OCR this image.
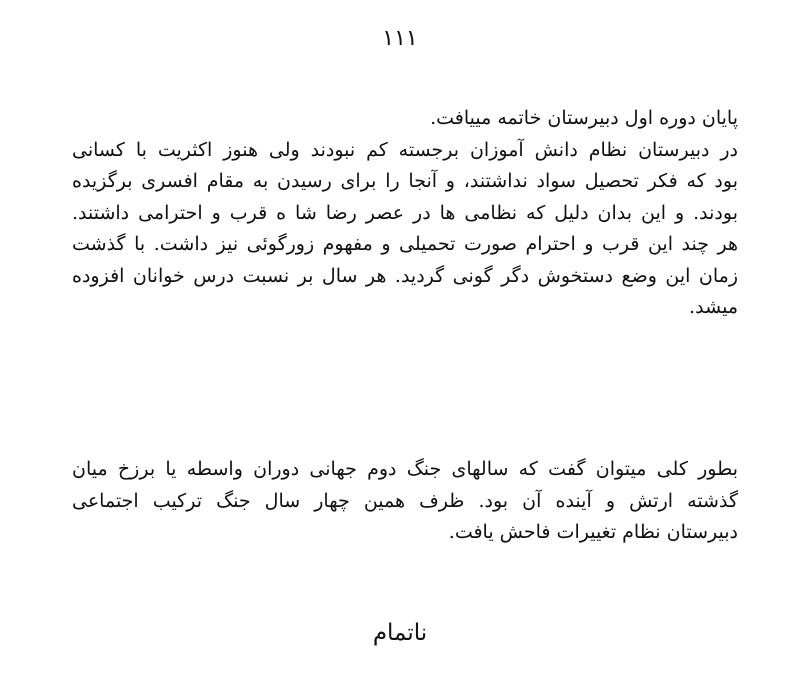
۱۱۱
پایان دوره اول دبیرستان خاتمه مییافت.
در دبیرستان نظام دانش آموزان برجسته کم نبودند ولی هنوز اکثریت با کسانی
بود که فکر تحصیل سواد نداشتند، و آنجا را برای رسیدن به مقام افسری برگزیده
بودند. و این بدان دلیل که نظامی ها در عصر رضا شا ه قرب و احترامی داشتند.
هر چند این قرب و احترام صورت تحمیلی و مفهوم زورگوئی نیز داشت. با گذشت
زمان این وضع دستخوش دگر گونی گردید. هر سال بر نسبت درس خوانان افزوده
میشد.
بطور کلی میتوان گفت که سالهای جنگ دوم جهانی دوران واسطه یا برزخ میان
گذشته ارتش و آینده آن بود. ظرف همین چهار سال جنگ ترکیب اجتماعی
دبیرستان نظام تغییرات فاحش یافت.
ناتمام
